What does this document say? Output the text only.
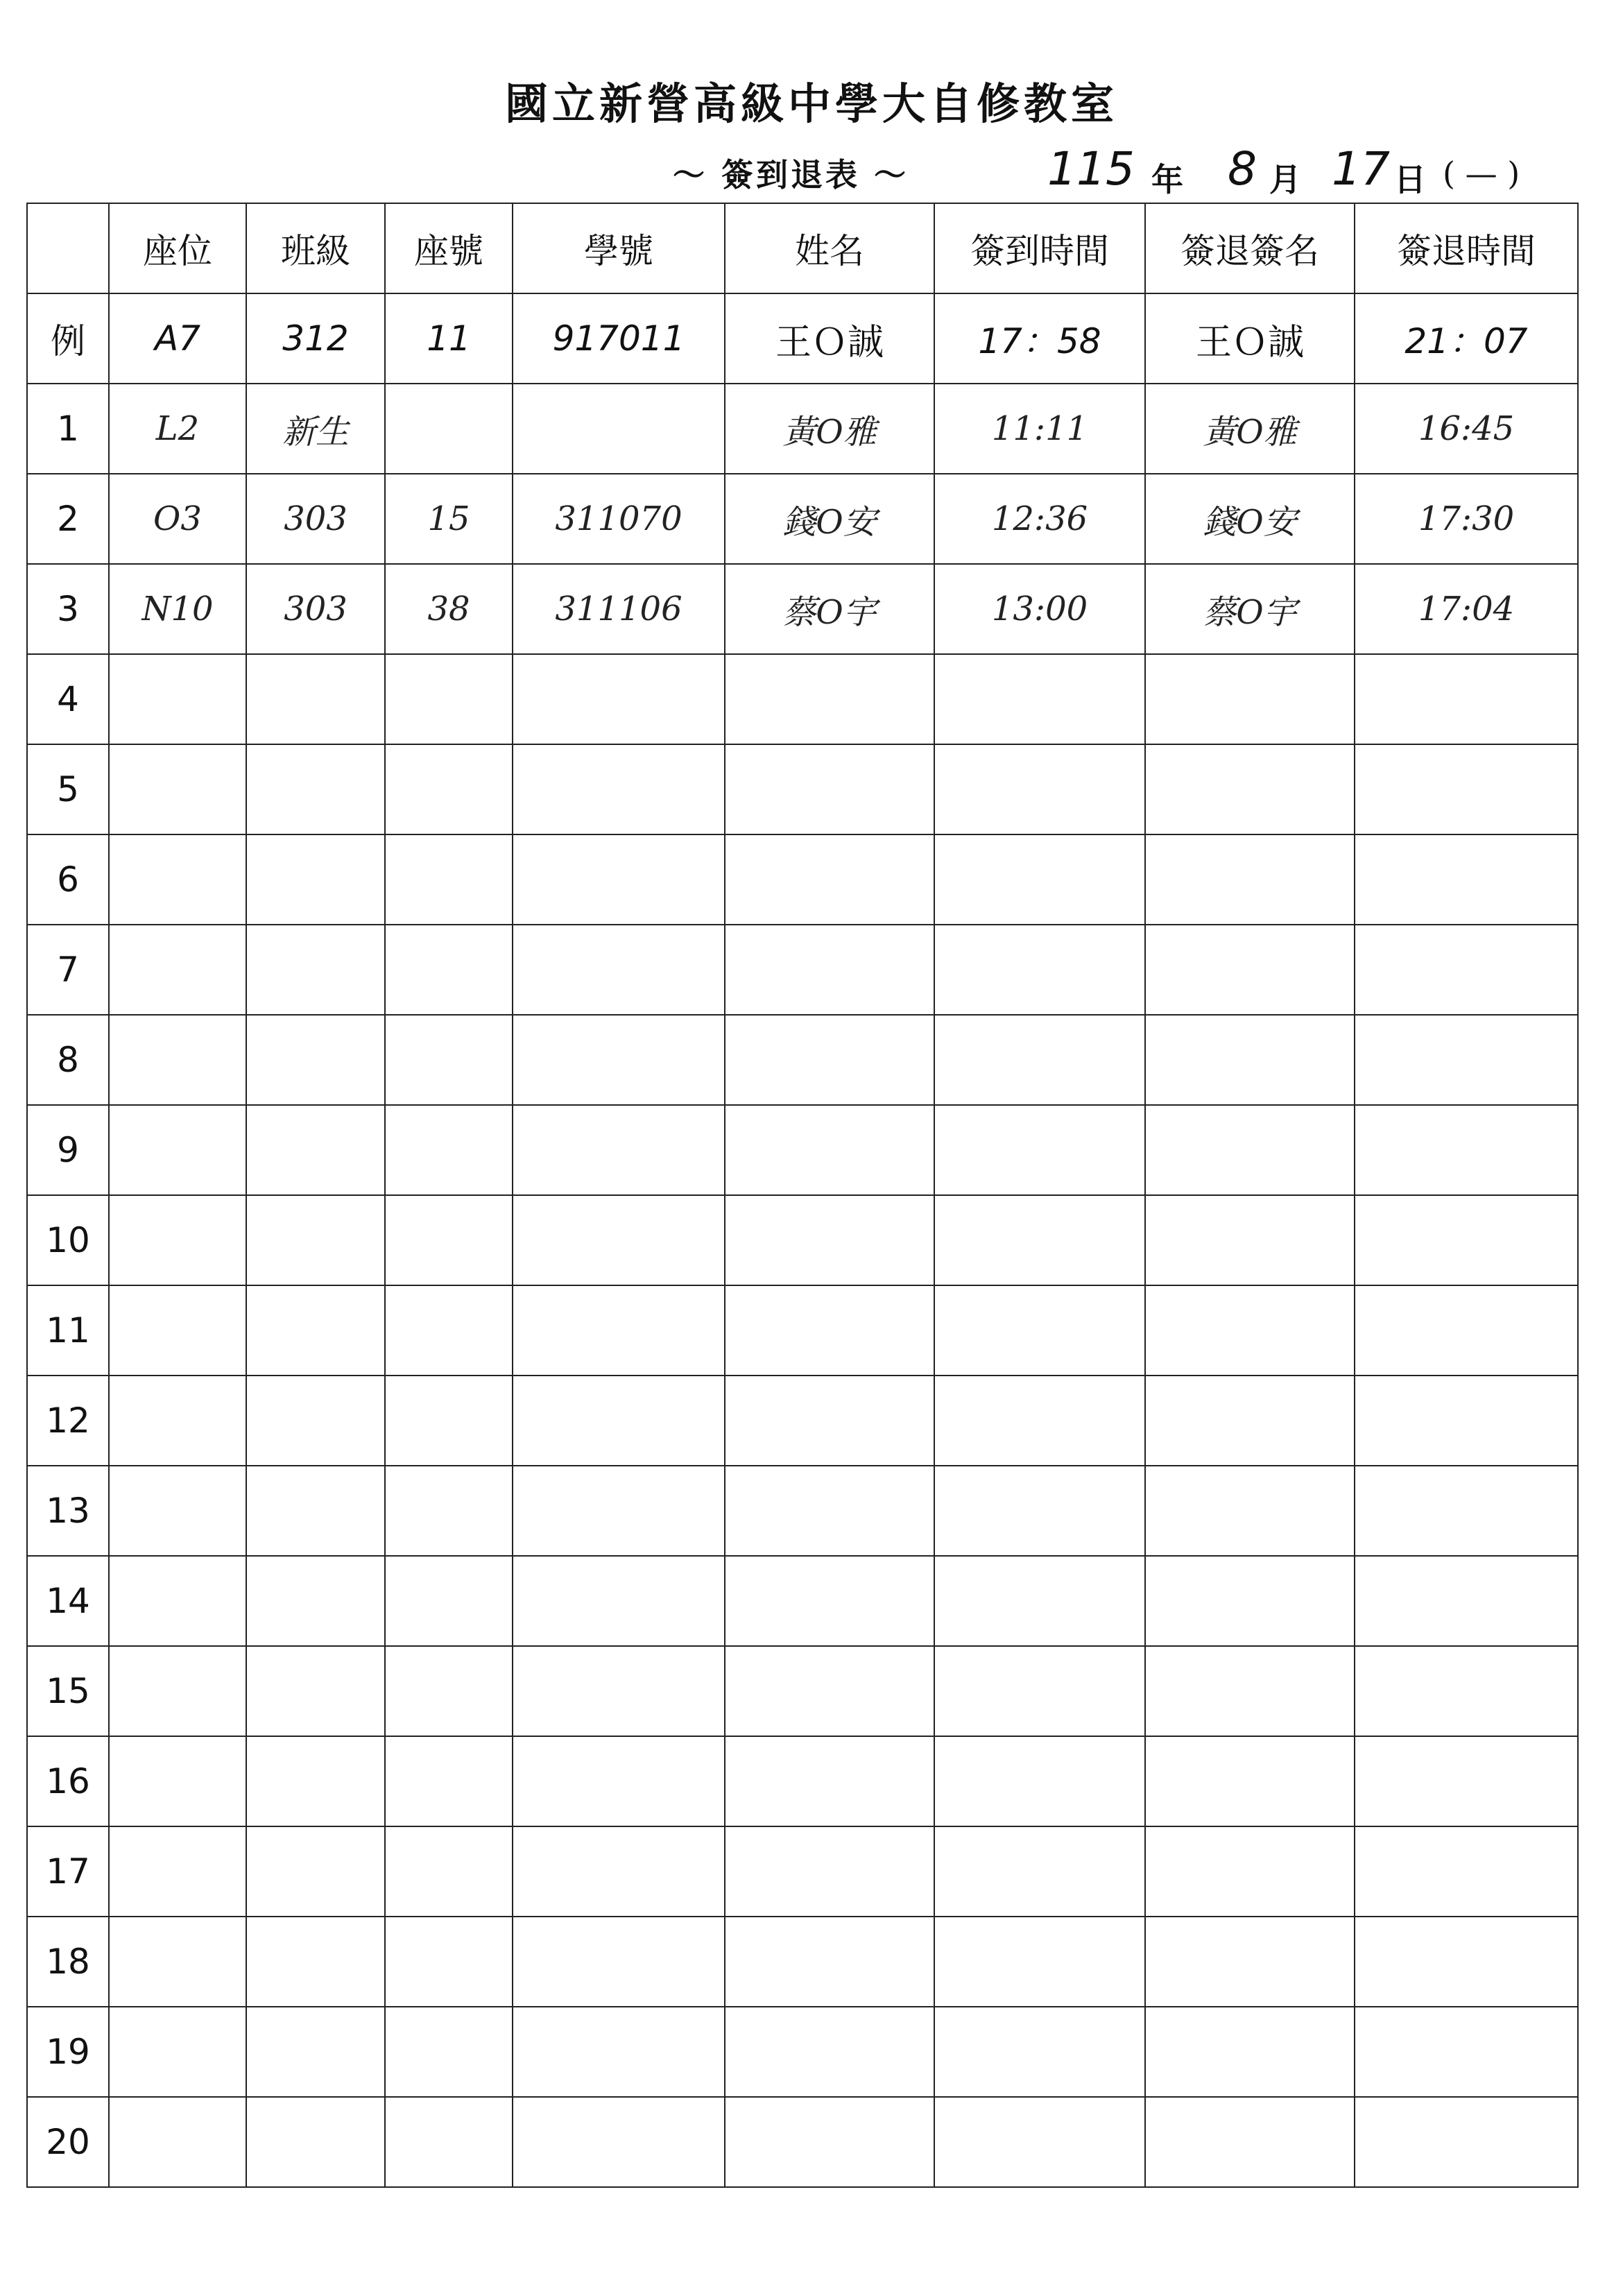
國立新營高級中學大自修教室
～ 簽到退表 ～	115 年 8 月 17 日 ( — )
	座位	班級	座號	學號	姓名	簽到時間	簽退簽名	簽退時間
例	A7	312	11	917011	王Ｏ誠	17：58	王Ｏ誠	21：07
1	L2	新生			黃O雅	11:11	黃O雅	16:45
2	O3	303	15	311070	錢O安	12:36	錢O安	17:30
3	N10	303	38	311106	蔡O宇	13:00	蔡O宇	17:04
4								
5								
6								
7								
8								
9								
10								
11								
12								
13								
14								
15								
16								
17								
18								
19								
20								
